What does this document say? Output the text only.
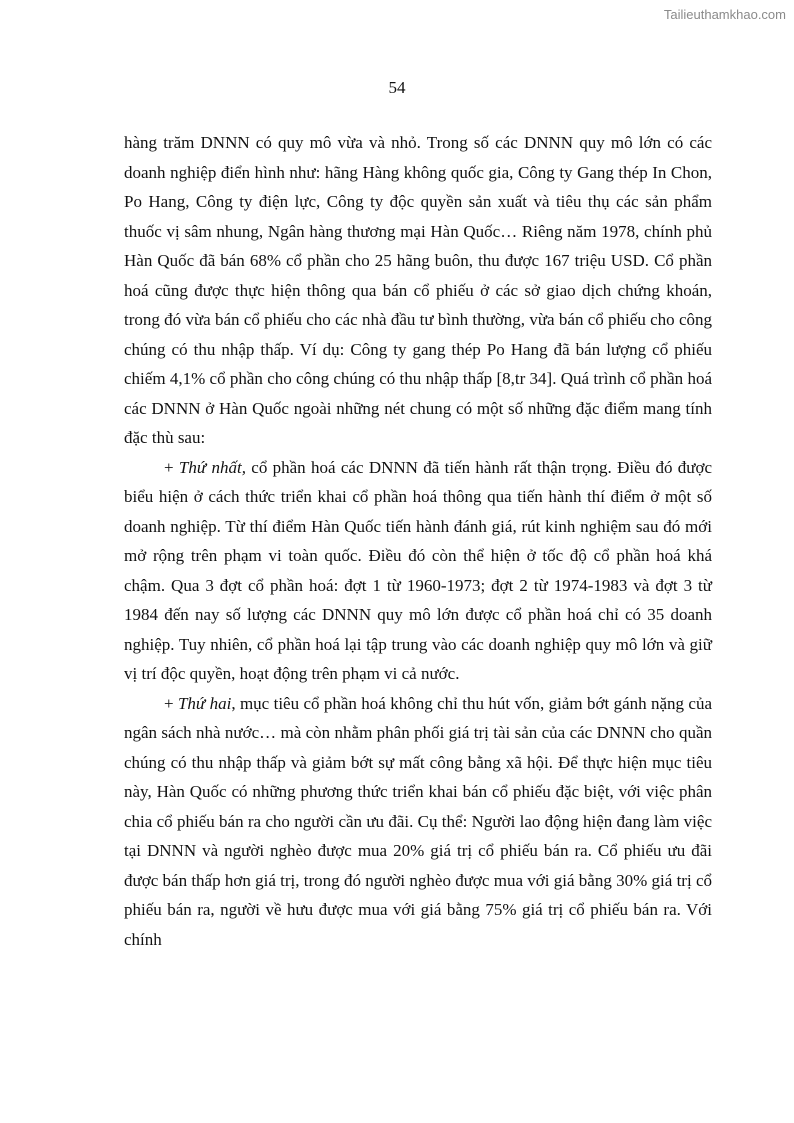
Tailieuthamkhao.com
54

hàng trăm DNNN có quy mô vừa và nhỏ. Trong số các DNNN quy mô lớn có các doanh nghiệp điển hình như: hãng Hàng không quốc gia, Công ty Gang thép In Chon, Po Hang, Công ty điện lực, Công ty độc quyền sản xuất và tiêu thụ các sản phẩm thuốc vị sâm nhung, Ngân hàng thương mại Hàn Quốc… Riêng năm 1978, chính phủ Hàn Quốc đã bán 68% cổ phần cho 25 hãng buôn, thu được 167 triệu USD. Cổ phần hoá cũng được thực hiện thông qua bán cổ phiếu ở các sở giao dịch chứng khoán, trong đó vừa bán cổ phiếu cho các nhà đầu tư bình thường, vừa bán cổ phiếu cho công chúng có thu nhập thấp. Ví dụ: Công ty gang thép Po Hang đã bán lượng cổ phiếu chiếm 4,1% cổ phần cho công chúng có thu nhập thấp [8,tr 34]. Quá trình cổ phần hoá các DNNN ở Hàn Quốc ngoài những nét chung có một số những đặc điểm mang tính đặc thù sau:

+ Thứ nhất, cổ phần hoá các DNNN đã tiến hành rất thận trọng. Điều đó được biểu hiện ở cách thức triển khai cổ phần hoá thông qua tiến hành thí điểm ở một số doanh nghiệp. Từ thí điểm Hàn Quốc tiến hành đánh giá, rút kinh nghiệm sau đó mới mở rộng trên phạm vi toàn quốc. Điều đó còn thể hiện ở tốc độ cổ phần hoá khá chậm. Qua 3 đợt cổ phần hoá: đợt 1 từ 1960-1973; đợt 2 từ 1974-1983 và đợt 3 từ 1984 đến nay số lượng các DNNN quy mô lớn được cổ phần hoá chỉ có 35 doanh nghiệp. Tuy nhiên, cổ phần hoá lại tập trung vào các doanh nghiệp quy mô lớn và giữ vị trí độc quyền, hoạt động trên phạm vi cả nước.

+ Thứ hai, mục tiêu cổ phần hoá không chỉ thu hút vốn, giảm bớt gánh nặng của ngân sách nhà nước… mà còn nhằm phân phối giá trị tài sản của các DNNN cho quần chúng có thu nhập thấp và giảm bớt sự mất công bằng xã hội. Để thực hiện mục tiêu này, Hàn Quốc có những phương thức triển khai bán cổ phiếu đặc biệt, với việc phân chia cổ phiếu bán ra cho người cần ưu đãi. Cụ thể: Người lao động hiện đang làm việc tại DNNN và người nghèo được mua 20% giá trị cổ phiếu bán ra. Cổ phiếu ưu đãi được bán thấp hơn giá trị, trong đó người nghèo được mua với giá bằng 30% giá trị cổ phiếu bán ra, người về hưu được mua với giá bằng 75% giá trị cổ phiếu bán ra. Với chính
